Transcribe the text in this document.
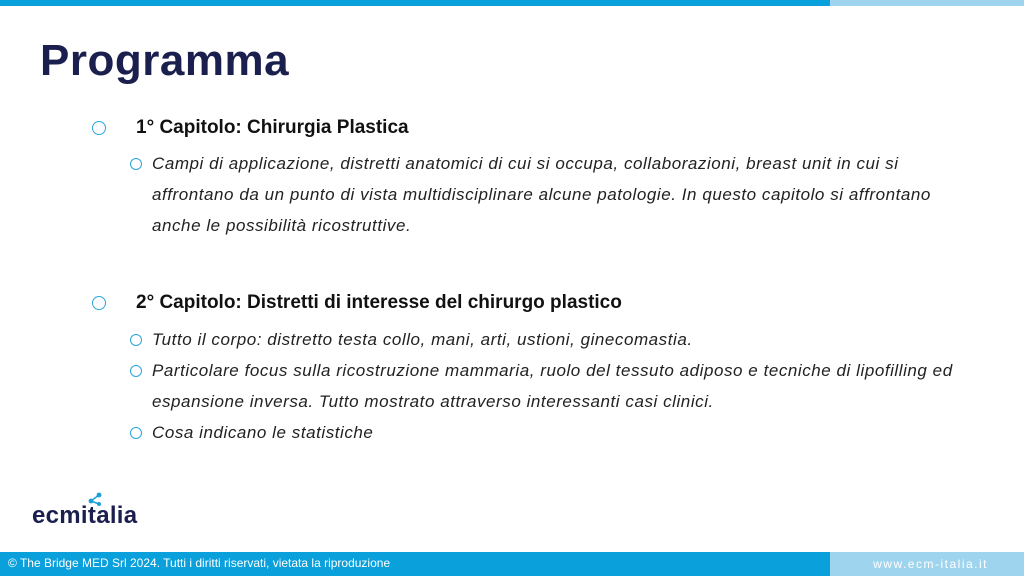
Programma
1° Capitolo: Chirurgia Plastica
Campi di applicazione, distretti anatomici di cui si occupa, collaborazioni, breast unit in cui si affrontano da un punto di vista multidisciplinare alcune patologie. In questo capitolo si affrontano anche le possibilità ricostruttive.
2° Capitolo: Distretti di interesse del chirurgo plastico
Tutto il corpo: distretto testa collo, mani, arti, ustioni, ginecomastia.
Particolare focus sulla ricostruzione mammaria, ruolo del tessuto adiposo e tecniche di lipofilling ed espansione inversa. Tutto mostrato attraverso interessanti casi clinici.
Cosa indicano le statistiche
ecmitalia
© The Bridge MED Srl 2024. Tutti i diritti riservati, vietata la riproduzione	www.ecm-italia.it
